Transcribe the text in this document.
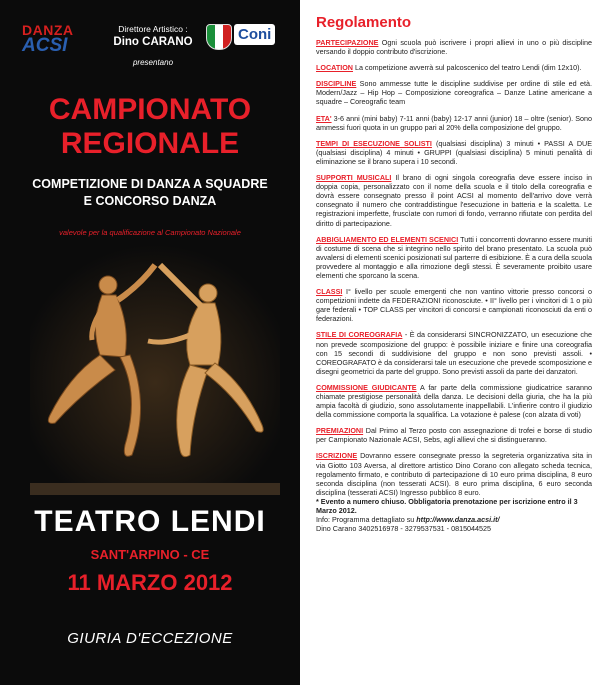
DANZA
ACSI
Direttore Artistico :
Dino CARANO
presentano
Coni
CAMPIONATO
REGIONALE
COMPETIZIONE DI DANZA A SQUADRE
E CONCORSO DANZA
valevole per la qualificazione al Campionato Nazionale
TEATRO LENDI
SANT'ARPINO - CE
11 MARZO 2012
GIURIA D'ECCEZIONE
Regolamento
PARTECIPAZIONE Ogni scuola può iscrivere i propri allievi in uno o più discipline versando il doppio contributo d'iscrizione.
LOCATION La competizione avverrà sul palcoscenico del teatro Lendi (dim 12x10).
DISCIPLINE Sono ammesse tutte le discipline suddivise per ordine di stile ed età. Modern/Jazz – Hip Hop – Composizione coreografica – Danze Latine americane a squadre – Coreografic team
ETA' 3-6 anni (mini baby) 7-11 anni (baby) 12-17 anni (junior) 18 – oltre (senior). Sono ammessi fuori quota in un gruppo pari al 20% della composizione del gruppo.
TEMPI DI ESECUZIONE SOLISTI (qualsiasi disciplina) 3 minuti • PASSI A DUE (qualsiasi disciplina) 4 minuti • GRUPPI (qualsiasi disciplina) 5 minuti penalità di eliminazione se il brano supera i 10 secondi.
SUPPORTI MUSICALI Il brano di ogni singola coreografia deve essere inciso in doppia copia, personalizzato con il nome della scuola e il titolo della coreografia e dovrà essere consegnato presso il point ACSI al momento dell'arrivo dove verrà consegnato il numero che contraddistingue l'esecuzione in batteria e la scaletta. Le registrazioni imperfette, fruscìate con rumori di fondo, verranno rifiutate con perdita del diritto di partecipazione.
ABBIGLIAMENTO ED ELEMENTI SCENICI Tutti i concorrenti dovranno essere muniti di costume di scena che si integrino nello spirito del brano presentato. La scuola può avvalersi di elementi scenici posizionati sul parterre di esibizione. È a cura della scuola provvedere al montaggio e alla rimozione degli stessi. È severamente proibito usare elementi che sporcano la scena.
CLASSI I° livello per scuole emergenti che non vantino vittorie presso concorsi o competizioni indette da FEDERAZIONI riconosciute. • II° livello per i vincitori di 1 o più gare federali • TOP CLASS per vincitori di concorsi e campionati riconosciuti da enti o federazioni.
STILE DI COREOGRAFIA - È da considerarsi SINCRONIZZATO, un esecuzione che non prevede scomposizione del gruppo: è possibile iniziare e finire una coreografia con 15 secondi di suddivisione del gruppo e non sono previsti assoli. • COREOGRAFATO è da considerarsi tale un esecuzione che prevede scomposizione e disegni geometrici da parte del gruppo. Sono previsti assoli da parte dei danzatori.
COMMISSIONE GIUDICANTE A far parte della commissione giudicatrice saranno chiamate prestigiose personalità della danza. Le decisioni della giuria, che ha la più ampia facoltà di giudizio, sono assolutamente inappellabili. L'infierire contro il giudizio della commissione comporta la squalifica. La votazione è palese (con alzata di voti)
PREMIAZIONI Dal Primo al Terzo posto con assegnazione di trofei e borse di studio per Campionato Nazionale ACSI, Sebs, agli allievi che si distingueranno.
ISCRIZIONE Dovranno essere consegnate presso la segreteria organizzativa sita in via Giotto 103 Aversa, al direttore artistico Dino Corano con allegato scheda tecnica, regolamento firmato, e contributo di partecipazione di 10 euro prima disciplina, 8 euro seconda disciplina (non tesserati ACSI). 8 euro prima disciplina, 6 euro seconda disciplina (tesserati ACSI) Ingresso pubblico 8 euro.
* Evento a numero chiuso. Obbligatoria prenotazione per iscrizione entro il 3 Marzo 2012.
Info: Programma dettagliato su http://www.danza.acsi.it/
Dino Carano 3402516978 - 3279537531 - 0815044525
